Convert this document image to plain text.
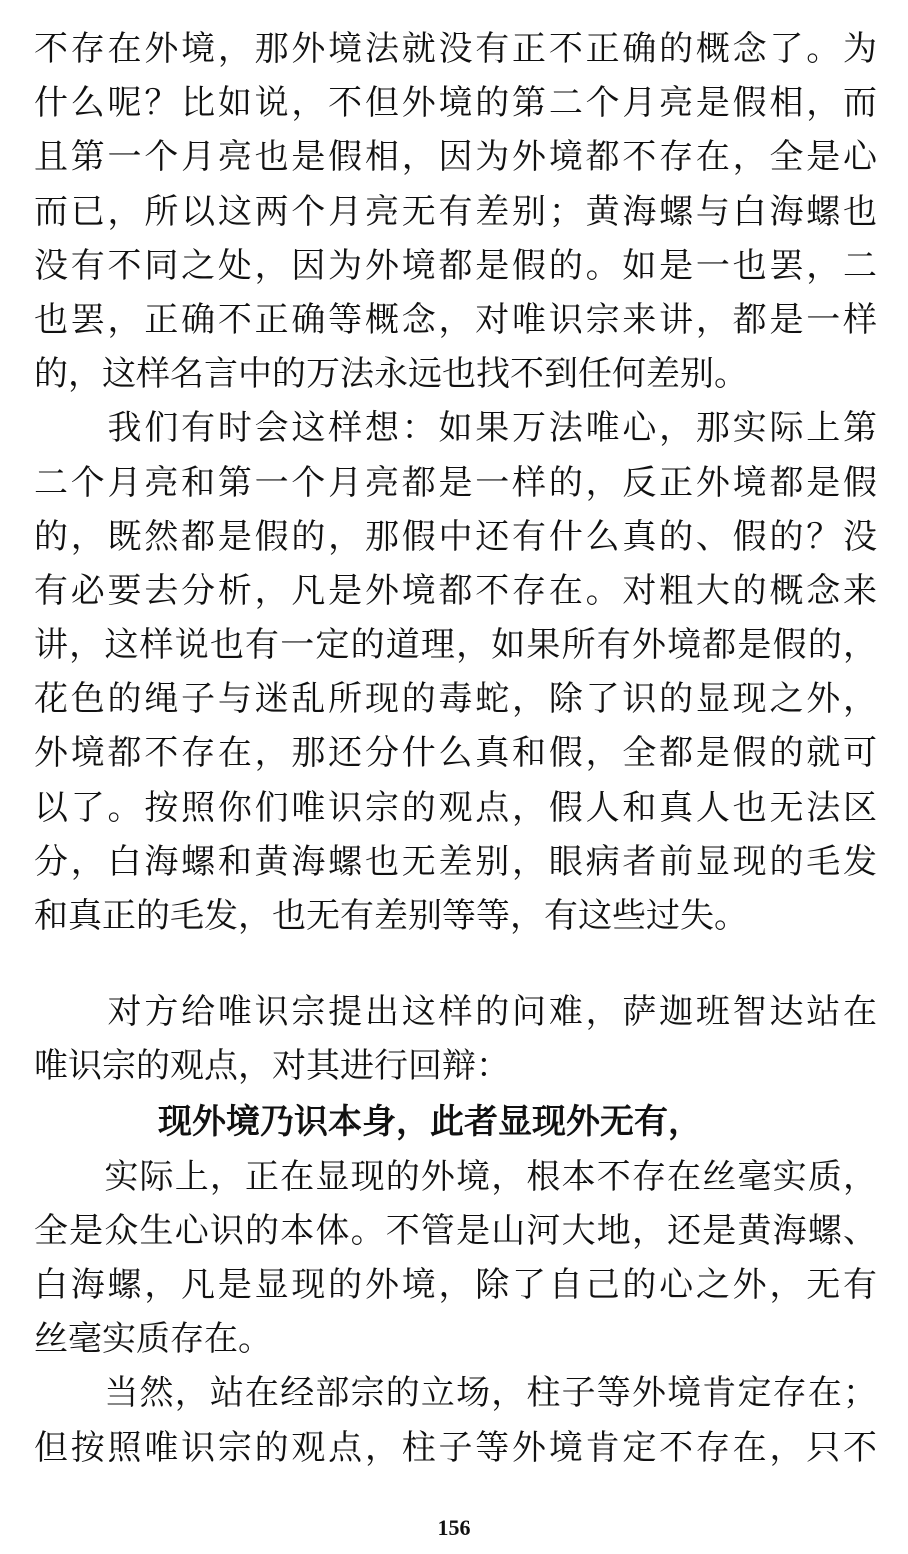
不存在外境，那外境法就没有正不正确的概念了。为
什么呢？比如说，不但外境的第二个月亮是假相，而
且第一个月亮也是假相，因为外境都不存在，全是心
而已，所以这两个月亮无有差别；黄海螺与白海螺也
没有不同之处，因为外境都是假的。如是一也罢，二
也罢，正确不正确等概念，对唯识宗来讲，都是一样
的，这样名言中的万法永远也找不到任何差别。
　　我们有时会这样想：如果万法唯心，那实际上第
二个月亮和第一个月亮都是一样的，反正外境都是假
的，既然都是假的，那假中还有什么真的、假的？没
有必要去分析，凡是外境都不存在。对粗大的概念来
讲，这样说也有一定的道理，如果所有外境都是假的，
花色的绳子与迷乱所现的毒蛇，除了识的显现之外，
外境都不存在，那还分什么真和假，全都是假的就可
以了。按照你们唯识宗的观点，假人和真人也无法区
分，白海螺和黄海螺也无差别，眼病者前显现的毛发
和真正的毛发，也无有差别等等，有这些过失。
　　对方给唯识宗提出这样的问难，萨迦班智达站在
唯识宗的观点，对其进行回辩：
现外境乃识本身，此者显现外无有，
　　实际上，正在显现的外境，根本不存在丝毫实质，
全是众生心识的本体。不管是山河大地，还是黄海螺、
白海螺，凡是显现的外境，除了自己的心之外，无有
丝毫实质存在。
　　当然，站在经部宗的立场，柱子等外境肯定存在；
但按照唯识宗的观点，柱子等外境肯定不存在，只不
156
